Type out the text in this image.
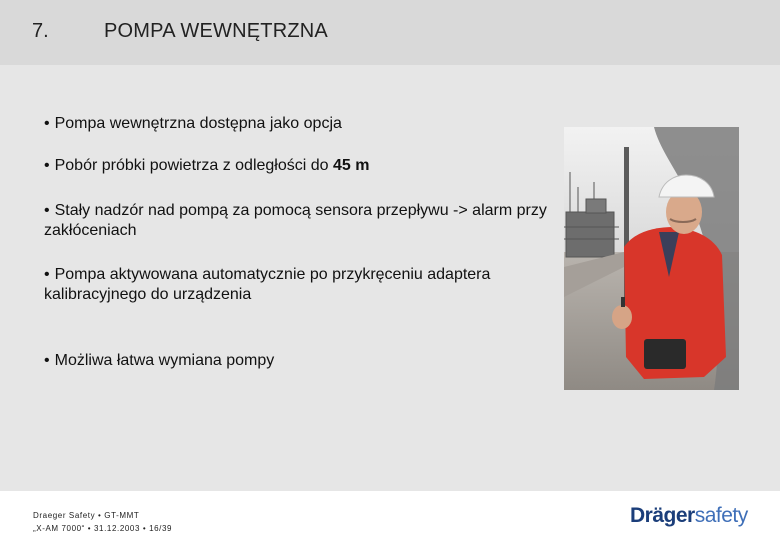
7.	POMPA WEWNĘTRZNA
• Pompa wewnętrzna dostępna jako opcja
• Pobór próbki powietrza z odległości do 45 m
• Stały nadzór nad pompą za pomocą sensora przepływu -> alarm przy zakłóceniach
• Pompa aktywowana automatycznie po przykręceniu adaptera kalibracyjnego do urządzenia
• Możliwa łatwa wymiana pompy
Draeger Safety • GT-MMT
„X-AM 7000“ • 31.12.2003 • 16/39
Drägersafety
